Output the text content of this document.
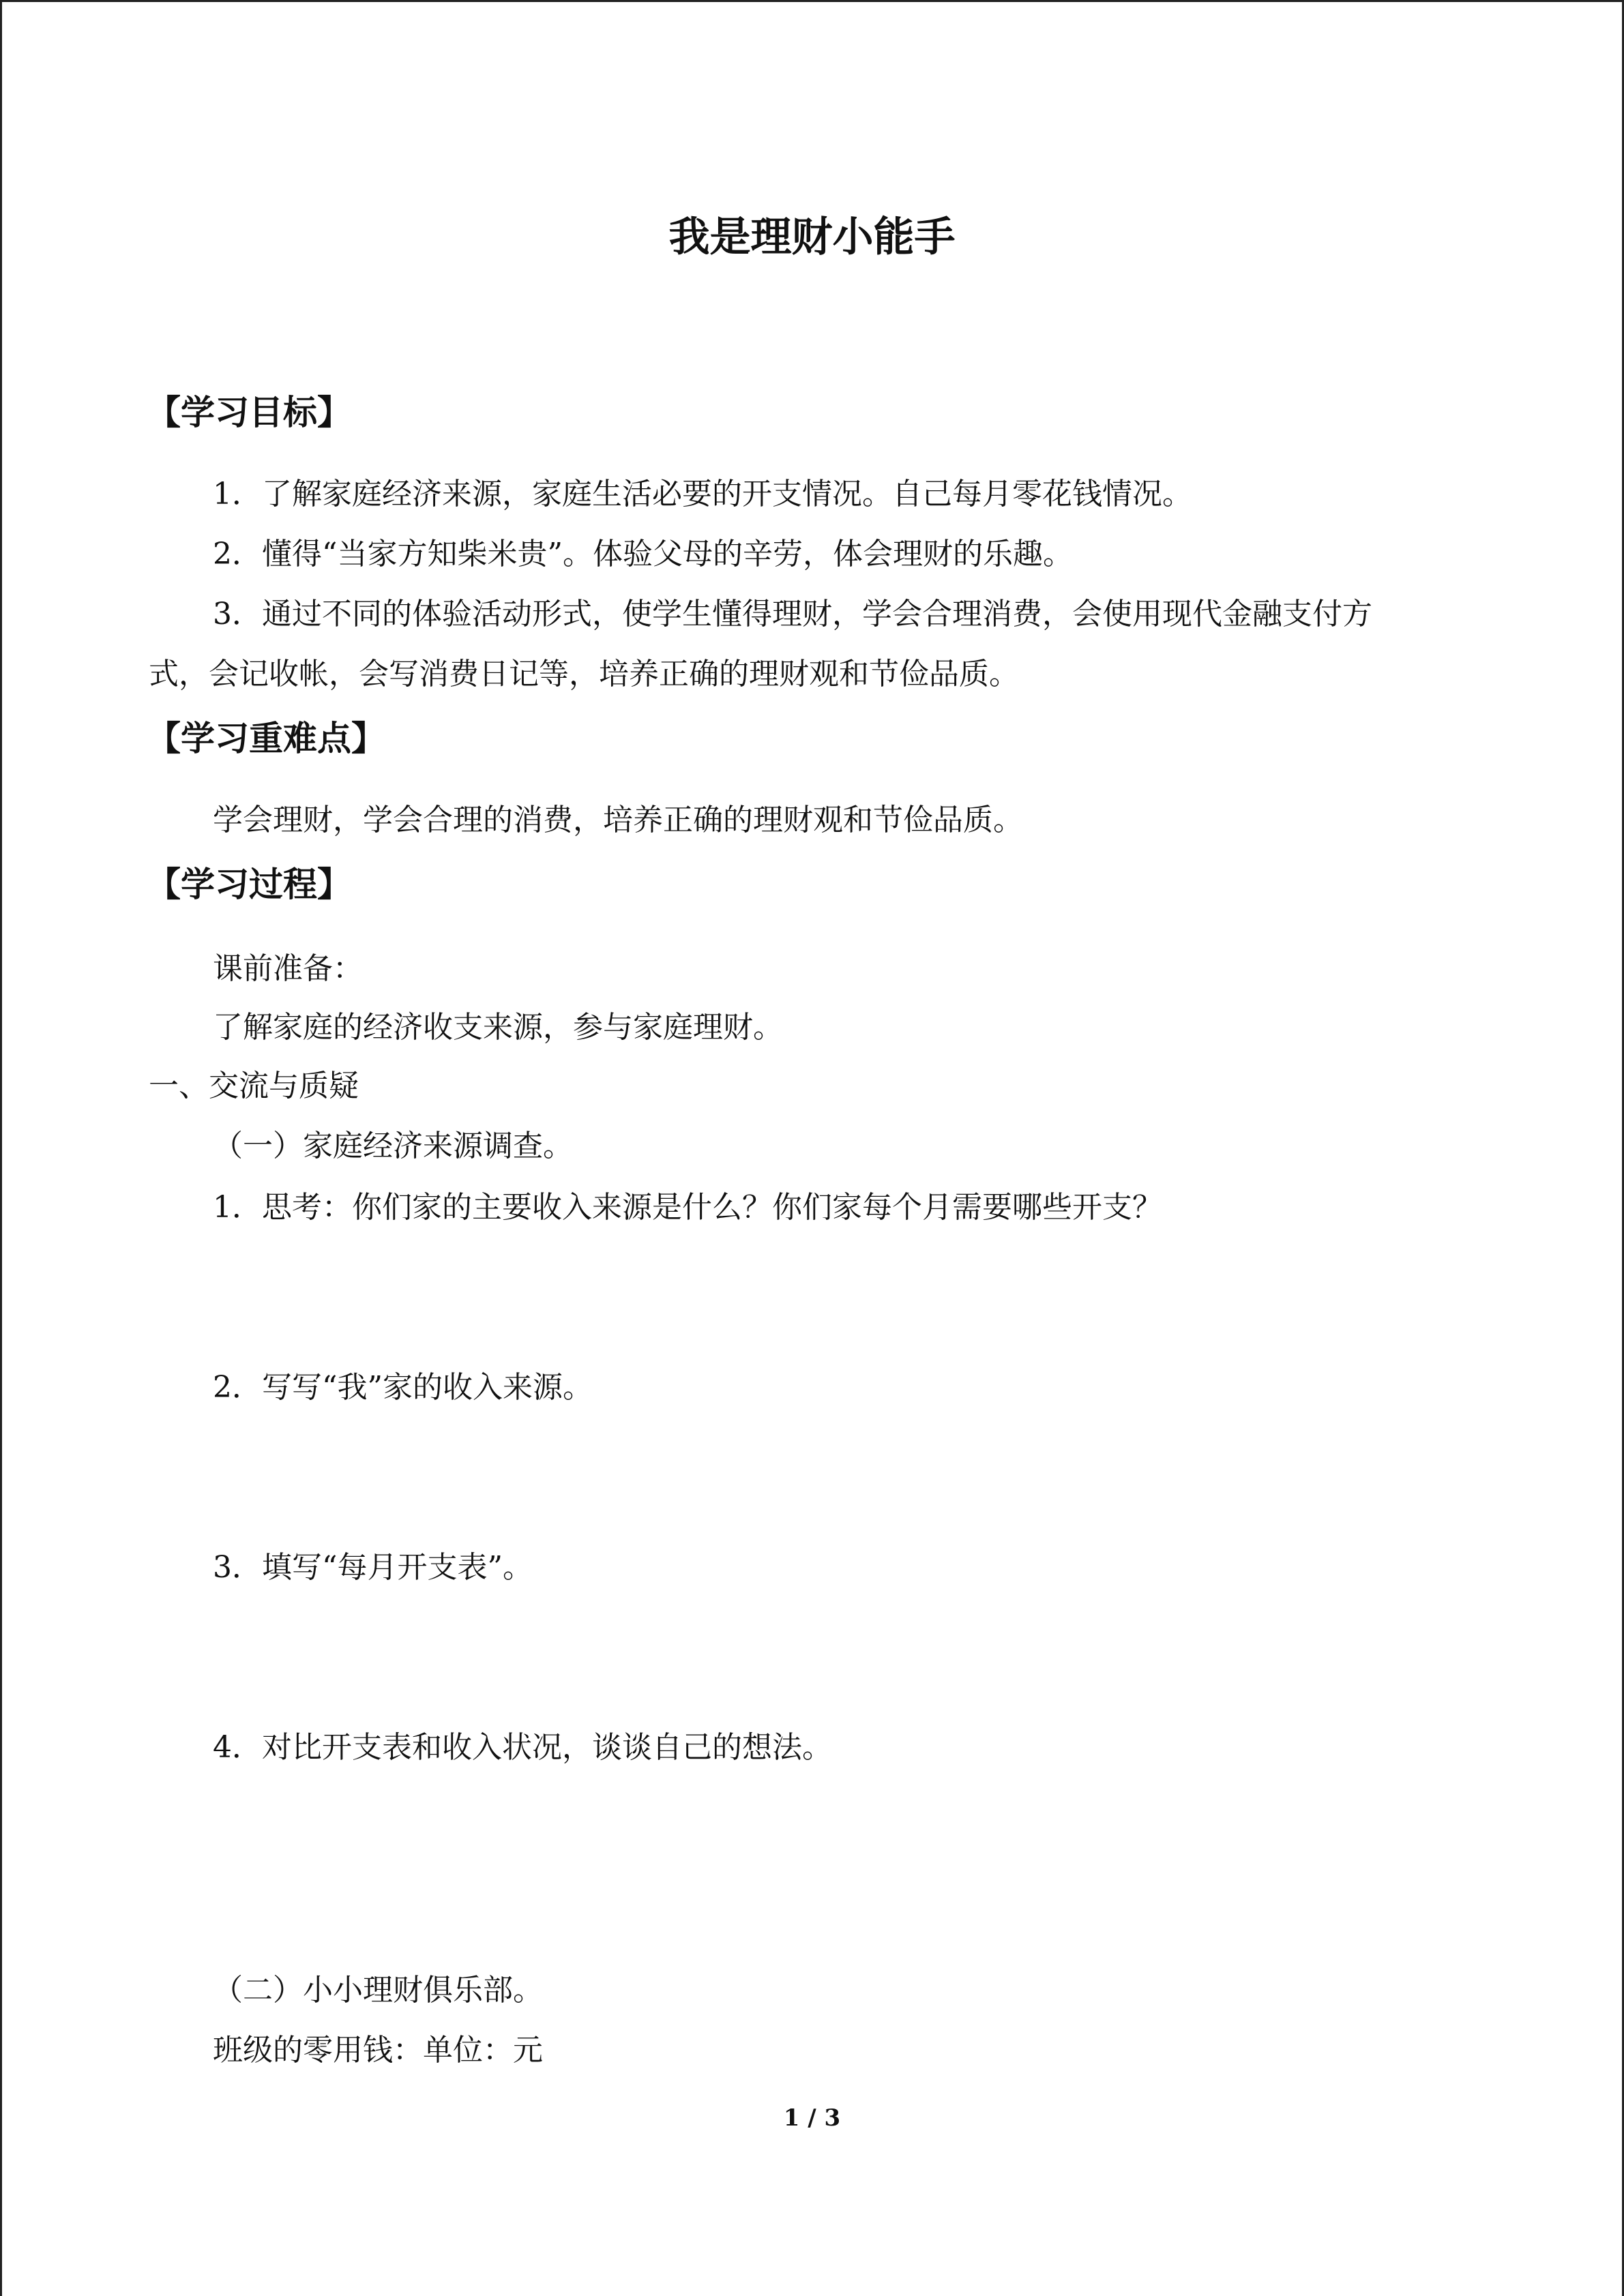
我是理财小能手
【学习目标】
1．了解家庭经济来源，家庭生活必要的开支情况。自己每月零花钱情况。
2．懂得“当家方知柴米贵”。体验父母的辛劳，体会理财的乐趣。
3．通过不同的体验活动形式，使学生懂得理财，学会合理消费，会使用现代金融支付方
式，会记收帐，会写消费日记等，培养正确的理财观和节俭品质。
【学习重难点】
学会理财，学会合理的消费，培养正确的理财观和节俭品质。
【学习过程】
课前准备：
了解家庭的经济收支来源，参与家庭理财。
一、交流与质疑
（一）家庭经济来源调查。
1．思考：你们家的主要收入来源是什么？你们家每个月需要哪些开支？
2．写写“我”家的收入来源。
3．填写“每月开支表”。
4．对比开支表和收入状况，谈谈自己的想法。
（二）小小理财俱乐部。
班级的零用钱：单位：元
1 / 3
